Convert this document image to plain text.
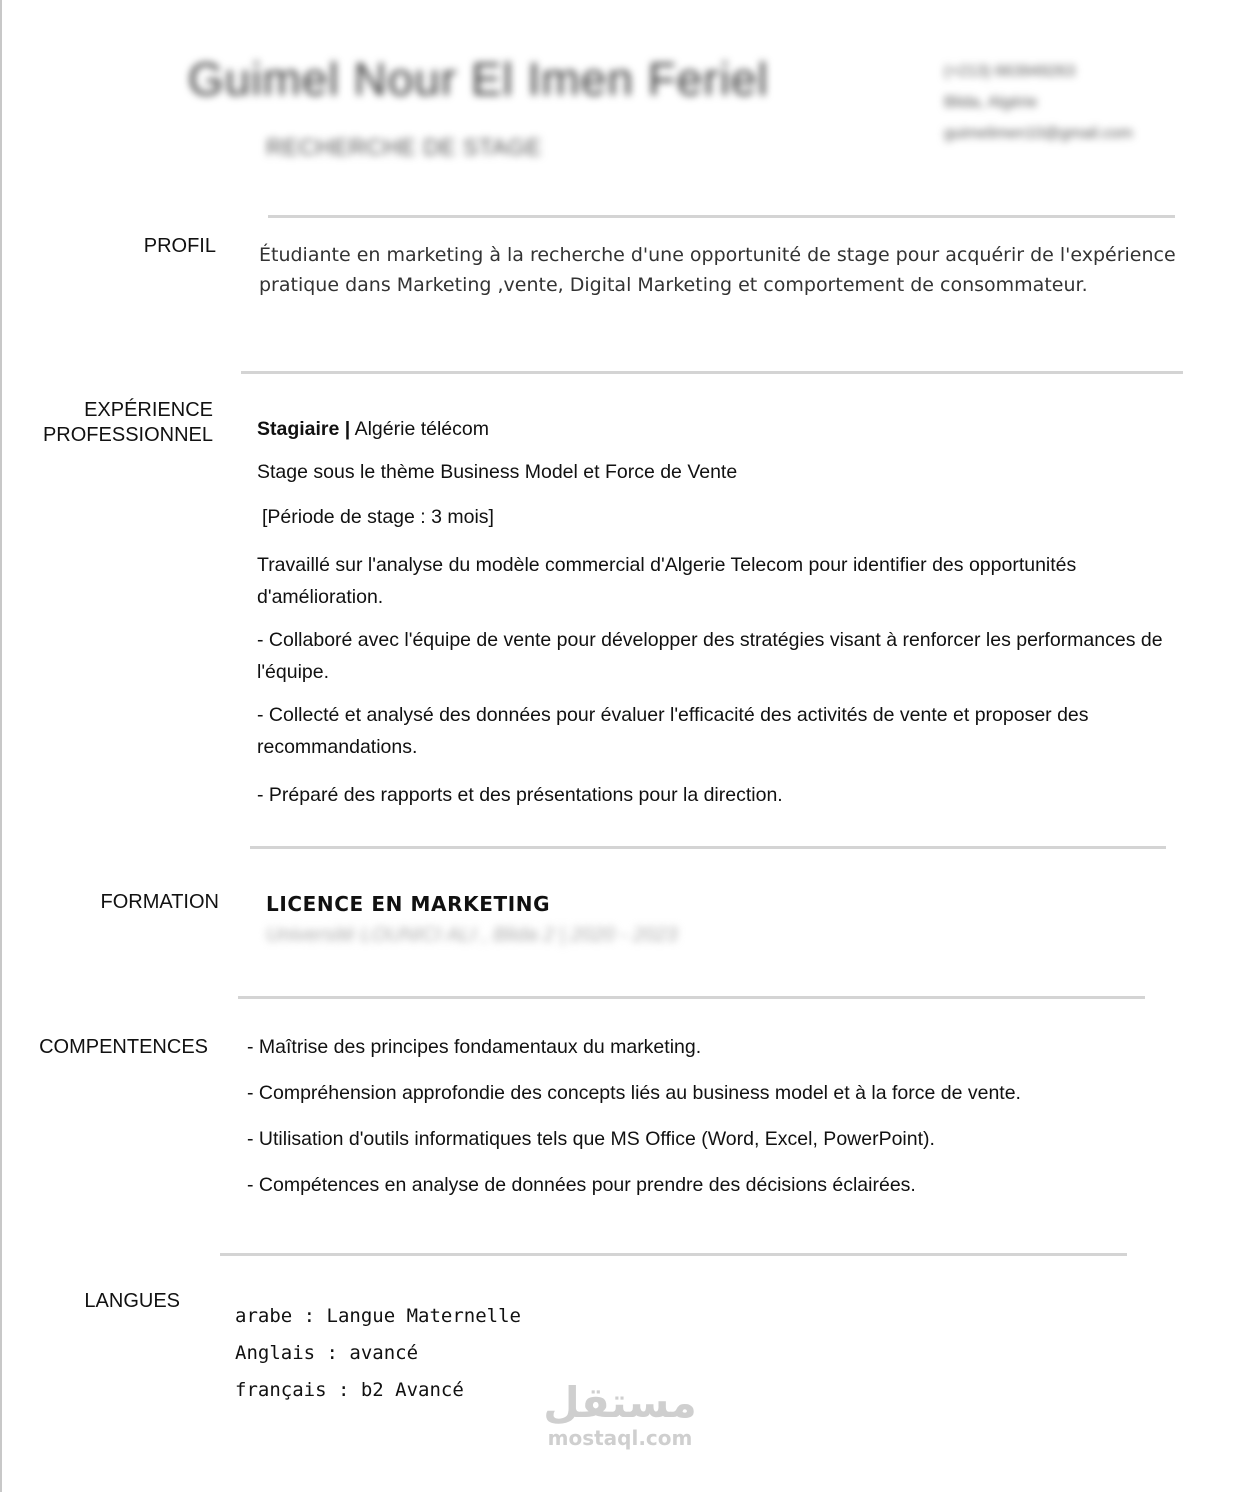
Guimel Nour El Imen Feriel
RECHERCHE DE STAGE
(+213) 663949263
Blida, Algérie
guimelimen10@gmail.com
PROFIL Étudiante en marketing à la recherche d'une opportunité de stage pour acquérir de l'expérience pratique dans Marketing ,vente, Digital Marketing et comportement de consommateur.
EXPÉRIENCE
PROFESSIONNEL Stagiaire | Algérie télécom

Stage sous le thème Business Model et Force de Vente

[Période de stage : 3 mois]

Travaillé sur l'analyse du modèle commercial d'Algerie Telecom pour identifier des opportunités d'amélioration.

- Collaboré avec l'équipe de vente pour développer des stratégies visant à renforcer les performances de l'équipe.

- Collecté et analysé des données pour évaluer l'efficacité des activités de vente et proposer des recommandations.

- Préparé des rapports et des présentations pour la direction.

FORMATION LICENCE EN MARKETING
Université LOUNICI ALI , Blida 2 | 2020 - 2023
COMPENTENCES - Maîtrise des principes fondamentaux du marketing.

- Compréhension approfondie des concepts liés au business model et à la force de vente.

- Utilisation d'outils informatiques tels que MS Office (Word, Excel, PowerPoint).

- Compétences en analyse de données pour prendre des décisions éclairées.

LANGUES

arabe : Langue Maternelle

Anglais : avancé

français : b2 Avancé	مستقل
mostaql.com
